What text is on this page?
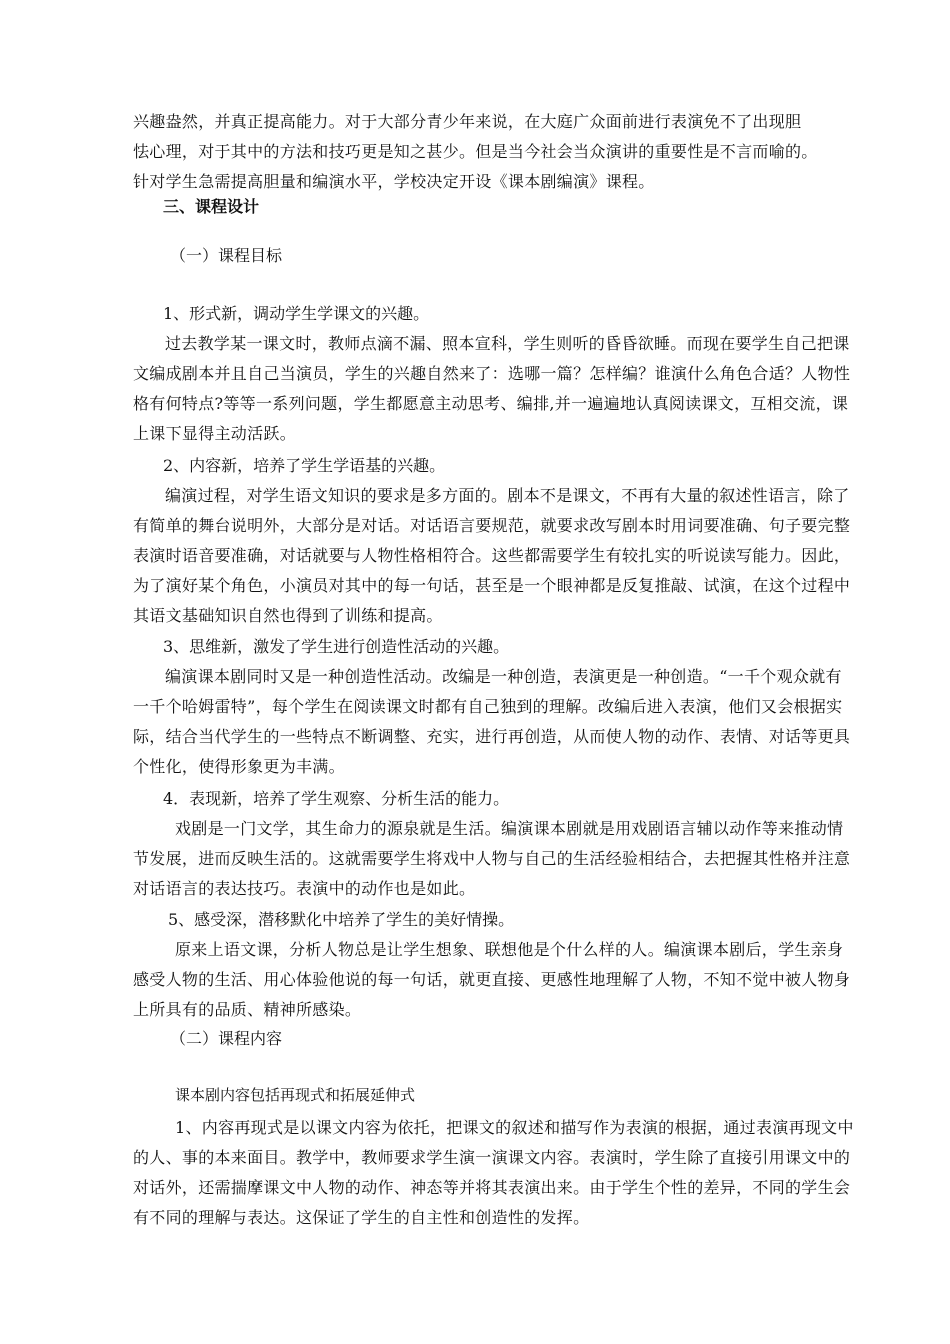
兴趣盎然，并真正提高能力。对于大部分青少年来说，在大庭广众面前进行表演免不了出现胆
怯心理，对于其中的方法和技巧更是知之甚少。但是当今社会当众演讲的重要性是不言而喻的。
针对学生急需提高胆量和编演水平，学校决定开设《课本剧编演》课程。
三、课程设计
（一）课程目标
1、形式新，调动学生学课文的兴趣。
过去教学某一课文时，教师点滴不漏、照本宣科，学生则听的昏昏欲睡。而现在要学生自己把课
文编成剧本并且自己当演员，学生的兴趣自然来了：选哪一篇？怎样编？谁演什么角色合适？人物性
格有何特点?等等一系列问题，学生都愿意主动思考、编排,并一遍遍地认真阅读课文，互相交流，课
上课下显得主动活跃。
2、内容新，培养了学生学语基的兴趣。
编演过程，对学生语文知识的要求是多方面的。剧本不是课文，不再有大量的叙述性语言，除了
有简单的舞台说明外，大部分是对话。对话语言要规范，就要求改写剧本时用词要准确、句子要完整
表演时语音要准确，对话就要与人物性格相符合。这些都需要学生有较扎实的听说读写能力。因此，
为了演好某个角色，小演员对其中的每一句话，甚至是一个眼神都是反复推敲、试演，在这个过程中
其语文基础知识自然也得到了训练和提高。
3、思维新，激发了学生进行创造性活动的兴趣。
编演课本剧同时又是一种创造性活动。改编是一种创造，表演更是一种创造。“一千个观众就有
一千个哈姆雷特”，每个学生在阅读课文时都有自己独到的理解。改编后进入表演，他们又会根据实
际，结合当代学生的一些特点不断调整、充实，进行再创造，从而使人物的动作、表情、对话等更具
个性化，使得形象更为丰满。
4．表现新，培养了学生观察、分析生活的能力。
戏剧是一门文学，其生命力的源泉就是生活。编演课本剧就是用戏剧语言辅以动作等来推动情
节发展，进而反映生活的。这就需要学生将戏中人物与自己的生活经验相结合，去把握其性格并注意
对话语言的表达技巧。表演中的动作也是如此。
5、感受深，潜移默化中培养了学生的美好情操。
原来上语文课，分析人物总是让学生想象、联想他是个什么样的人。编演课本剧后，学生亲身
感受人物的生活、用心体验他说的每一句话，就更直接、更感性地理解了人物，不知不觉中被人物身
上所具有的品质、精神所感染。
（二）课程内容
课本剧内容包括再现式和拓展延伸式
1、内容再现式是以课文内容为依托，把课文的叙述和描写作为表演的根据，通过表演再现文中
的人、事的本来面目。教学中，教师要求学生演一演课文内容。表演时，学生除了直接引用课文中的
对话外，还需揣摩课文中人物的动作、神态等并将其表演出来。由于学生个性的差异，不同的学生会
有不同的理解与表达。这保证了学生的自主性和创造性的发挥。
